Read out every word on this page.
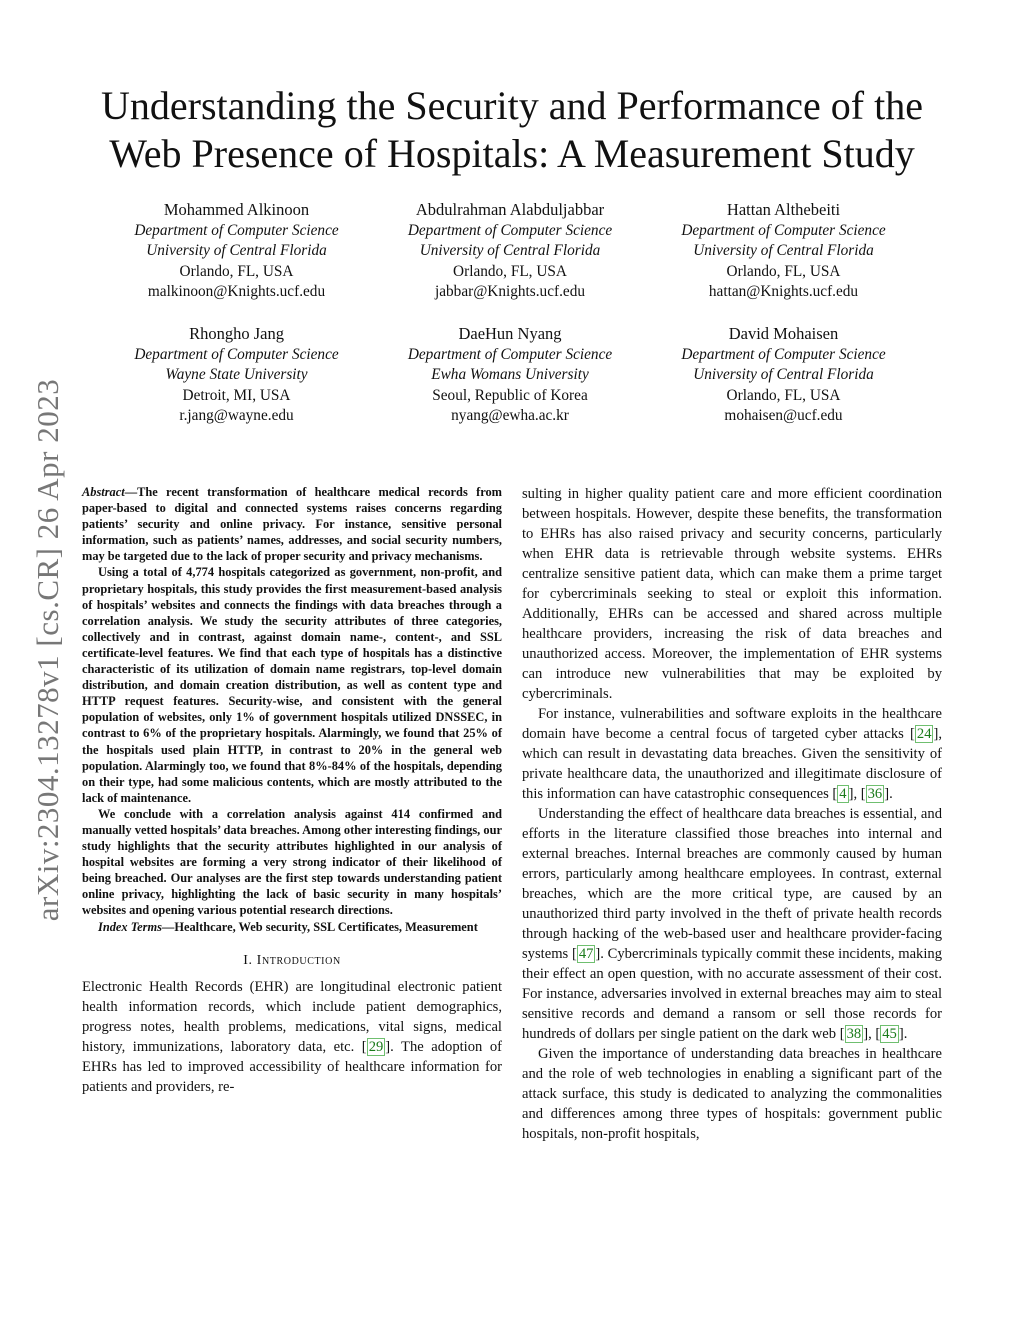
arXiv:2304.13278v1 [cs.CR] 26 Apr 2023
Understanding the Security and Performance of the
Web Presence of Hospitals: A Measurement Study
Mohammed Alkinoon
Department of Computer Science
University of Central Florida
Orlando, FL, USA
malkinoon@Knights.ucf.edu
Abdulrahman Alabduljabbar
Department of Computer Science
University of Central Florida
Orlando, FL, USA
jabbar@Knights.ucf.edu
Hattan Althebeiti
Department of Computer Science
University of Central Florida
Orlando, FL, USA
hattan@Knights.ucf.edu
Rhongho Jang
Department of Computer Science
Wayne State University
Detroit, MI, USA
r.jang@wayne.edu
DaeHun Nyang
Department of Computer Science
Ewha Womans University
Seoul, Republic of Korea
nyang@ewha.ac.kr
David Mohaisen
Department of Computer Science
University of Central Florida
Orlando, FL, USA
mohaisen@ucf.edu

Abstract—The recent transformation of healthcare medical records from paper-based to digital and connected systems raises concerns regarding patients’ security and online privacy. For instance, sensitive personal information, such as patients’ names, addresses, and social security numbers, may be targeted due to the lack of proper security and privacy mechanisms.

Using a total of 4,774 hospitals categorized as government, non-profit, and proprietary hospitals, this study provides the first measurement-based analysis of hospitals’ websites and connects the findings with data breaches through a correlation analysis. We study the security attributes of three categories, collectively and in contrast, against domain name-, content-, and SSL certificate-level features. We find that each type of hospitals has a distinctive characteristic of its utilization of domain name registrars, top-level domain distribution, and domain creation distribution, as well as content type and HTTP request features. Security-wise, and consistent with the general population of websites, only 1% of government hospitals utilized DNSSEC, in contrast to 6% of the proprietary hospitals. Alarmingly, we found that 25% of the hospitals used plain HTTP, in contrast to 20% in the general web population. Alarmingly too, we found that 8%-84% of the hospitals, depending on their type, had some malicious contents, which are mostly attributed to the lack of maintenance.

We conclude with a correlation analysis against 414 confirmed and manually vetted hospitals’ data breaches. Among other interesting findings, our study highlights that the security attributes highlighted in our analysis of hospital websites are forming a very strong indicator of their likelihood of being breached. Our analyses are the first step towards understanding patient online privacy, highlighting the lack of basic security in many hospitals’ websites and opening various potential research directions.

Index Terms—Healthcare, Web security, SSL Certificates, Measurement

I. Introduction

Electronic Health Records (EHR) are longitudinal electronic patient health information records, which include patient demographics, progress notes, health problems, medications, vital signs, medical history, immunizations, laboratory data, etc. [ 29 ]. The adoption of EHRs has led to improved accessibility of healthcare information for patients and providers, re-

sulting in higher quality patient care and more efficient coordination between hospitals. However, despite these benefits, the transformation to EHRs has also raised privacy and security concerns, particularly when EHR data is retrievable through website systems. EHRs centralize sensitive patient data, which can make them a prime target for cybercriminals seeking to steal or exploit this information. Additionally, EHRs can be accessed and shared across multiple healthcare providers, increasing the risk of data breaches and unauthorized access. Moreover, the implementation of EHR systems can introduce new vulnerabilities that may be exploited by cybercriminals.

For instance, vulnerabilities and software exploits in the healthcare domain have become a central focus of targeted cyber attacks [ 24 ], which can result in devastating data breaches. Given the sensitivity of private healthcare data, the unauthorized and illegitimate disclosure of this information can have catastrophic consequences [ 4 ], [ 36 ].

Understanding the effect of healthcare data breaches is essential, and efforts in the literature classified those breaches into internal and external breaches. Internal breaches are commonly caused by human errors, particularly among healthcare employees. In contrast, external breaches, which are the more critical type, are caused by an unauthorized third party involved in the theft of private health records through hacking of the web-based user and healthcare provider-facing systems [ 47 ]. Cybercriminals typically commit these incidents, making their effect an open question, with no accurate assessment of their cost. For instance, adversaries involved in external breaches may aim to steal sensitive records and demand a ransom or sell those records for hundreds of dollars per single patient on the dark web [ 38 ], [ 45 ].

Given the importance of understanding data breaches in healthcare and the role of web technologies in enabling a significant part of the attack surface, this study is dedicated to analyzing the commonalities and differences among three types of hospitals: government public hospitals, non-profit hospitals,
